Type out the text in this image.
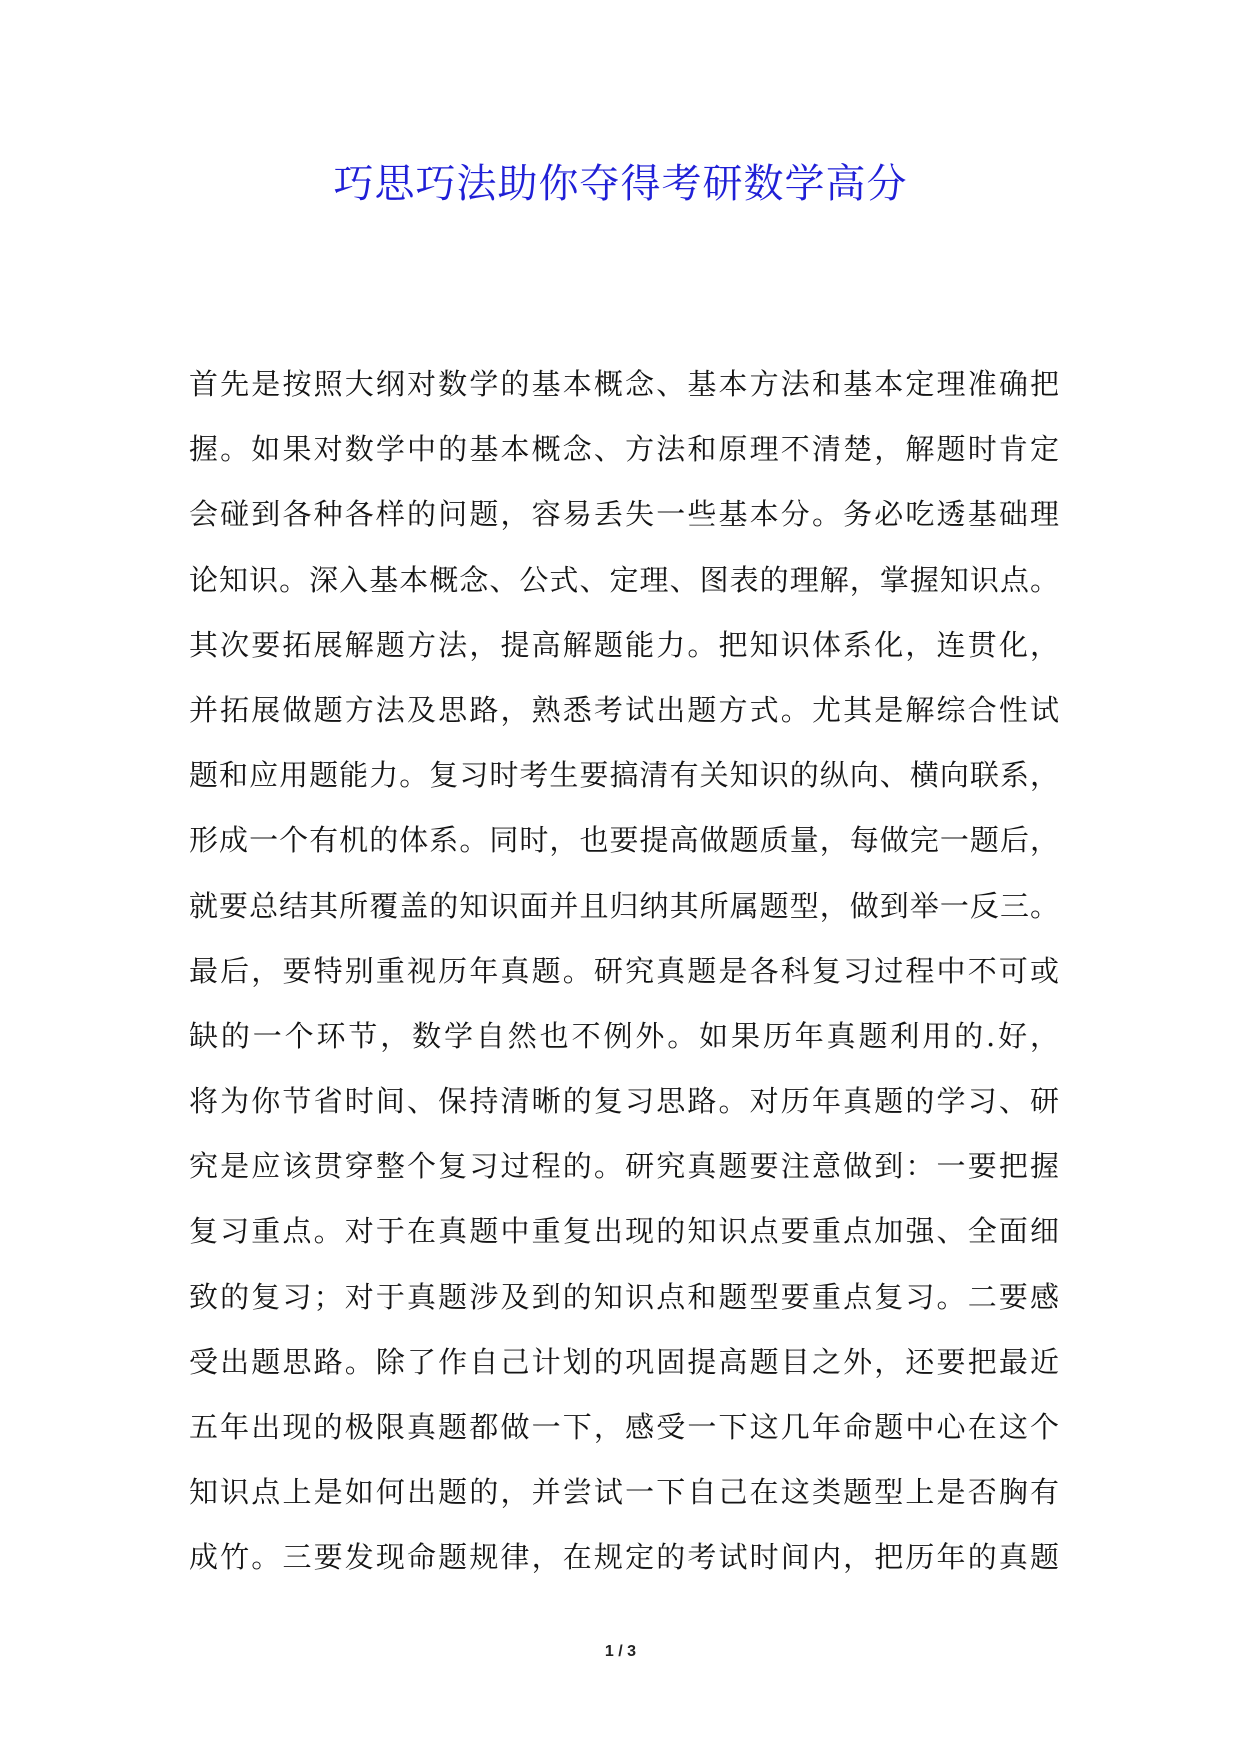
巧思巧法助你夺得考研数学高分
首先是按照大纲对数学的基本概念、基本方法和基本定理准确把
握。如果对数学中的基本概念、方法和原理不清楚，解题时肯定
会碰到各种各样的问题，容易丢失一些基本分。务必吃透基础理
论知识。深入基本概念、公式、定理、图表的理解，掌握知识点。
其次要拓展解题方法，提高解题能力。把知识体系化，连贯化，
并拓展做题方法及思路，熟悉考试出题方式。尤其是解综合性试
题和应用题能力。复习时考生要搞清有关知识的纵向、横向联系，
形成一个有机的体系。同时，也要提高做题质量，每做完一题后，
就要总结其所覆盖的知识面并且归纳其所属题型，做到举一反三。
最后，要特别重视历年真题。研究真题是各科复习过程中不可或
缺的一个环节，数学自然也不例外。如果历年真题利用的.好，
将为你节省时间、保持清晰的复习思路。对历年真题的学习、研
究是应该贯穿整个复习过程的。研究真题要注意做到：一要把握
复习重点。对于在真题中重复出现的知识点要重点加强、全面细
致的复习；对于真题涉及到的知识点和题型要重点复习。二要感
受出题思路。除了作自己计划的巩固提高题目之外，还要把最近
五年出现的极限真题都做一下，感受一下这几年命题中心在这个
知识点上是如何出题的，并尝试一下自己在这类题型上是否胸有
成竹。三要发现命题规律，在规定的考试时间内，把历年的真题
1 / 3
